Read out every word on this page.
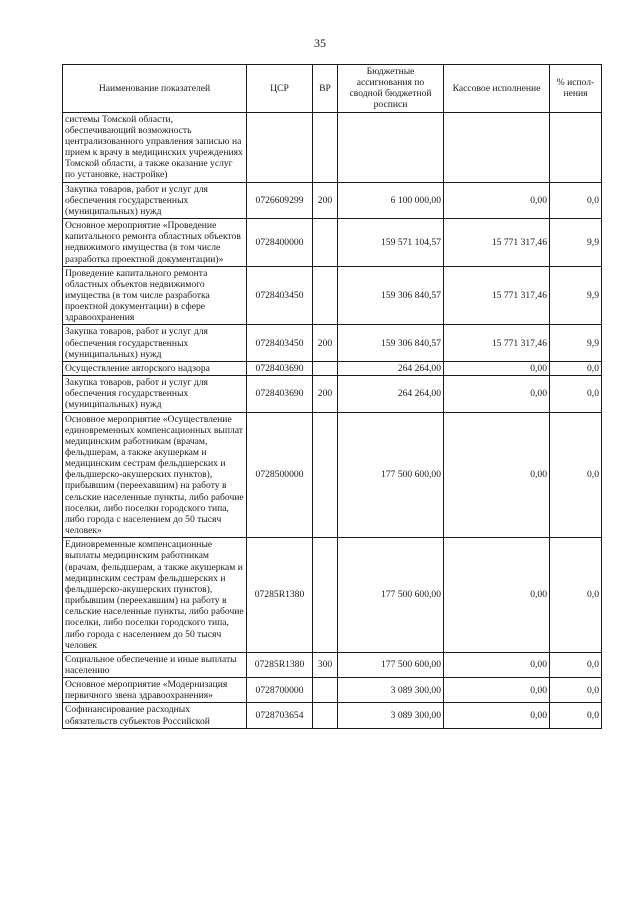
35
Наименование показателей	ЦСР	ВР	Бюджетные ассигнования по сводной бюджетной росписи	Кассовое исполнение	% испол-нения
системы Томской области, обеспечивающий возможность централизованного управления записью на прием к врачу в медицинских учреждениях Томской области, а также оказание услуг по установке, настройке)					
Закупка товаров, работ и услуг для обеспечения государственных (муниципальных) нужд	0726609299	200	6 100 000,00	0,00	0,0
Основное мероприятие «Проведение капитального ремонта областных объектов недвижимого имущества (в том числе разработка проектной документации)»	0728400000		159 571 104,57	15 771 317,46	9,9
Проведение капитального ремонта областных объектов недвижимого имущества (в том числе разработка проектной документации) в сфере здравоохранения	0728403450		159 306 840,57	15 771 317,46	9,9
Закупка товаров, работ и услуг для обеспечения государственных (муниципальных) нужд	0728403450	200	159 306 840,57	15 771 317,46	9,9
Осуществление авторского надзора	0728403690		264 264,00	0,00	0,0
Закупка товаров, работ и услуг для обеспечения государственных (муниципальных) нужд	0728403690	200	264 264,00	0,00	0,0
Основное мероприятие «Осуществление единовременных компенсационных выплат медицинским работникам (врачам, фельдшерам, а также акушеркам и медицинским сестрам фельдшерских и фельдшерско-акушерских пунктов), прибывшим (переехавшим) на работу в сельские населенные пункты, либо рабочие поселки, либо поселки городского типа, либо города с населением до 50 тысяч человек»	0728500000		177 500 600,00	0,00	0,0
Единовременные компенсационные выплаты медицинским работникам (врачам, фельдшерам, а также акушеркам и медицинским сестрам фельдшерских и фельдшерско-акушерских пунктов), прибывшим (переехавшим) на работу в сельские населенные пункты, либо рабочие поселки, либо поселки городского типа, либо города с населением до 50 тысяч человек	07285R1380		177 500 600,00	0,00	0,0
Социальное обеспечение и иные выплаты населению	07285R1380	300	177 500 600,00	0,00	0,0
Основное мероприятие «Модернизация первичного звена здравоохранения»	0728700000		3 089 300,00	0,00	0,0
Софинансирование расходных обязательств субъектов Российской	0728703654		3 089 300,00	0,00	0,0
